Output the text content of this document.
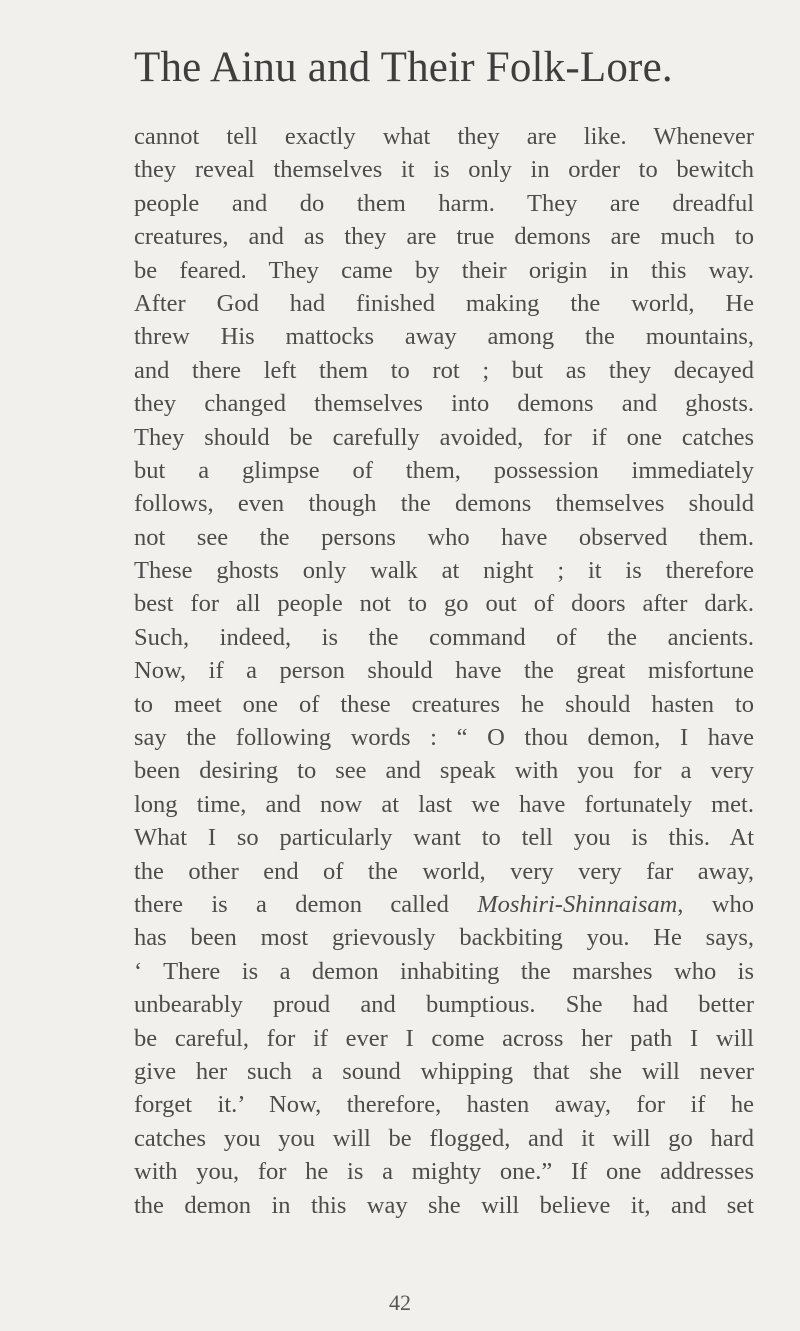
The Ainu and Their Folk-Lore.
cannot tell exactly what they are like. Whenever
they reveal themselves it is only in order to bewitch
people and do them harm. They are dreadful
creatures, and as they are true demons are much to
be feared. They came by their origin in this way.
After God had finished making the world, He
threw His mattocks away among the mountains,
and there left them to rot ; but as they decayed
they changed themselves into demons and ghosts.
They should be carefully avoided, for if one catches
but a glimpse of them, possession immediately
follows, even though the demons themselves should
not see the persons who have observed them.
These ghosts only walk at night ; it is therefore
best for all people not to go out of doors after dark.
Such, indeed, is the command of the ancients.
Now, if a person should have the great misfortune
to meet one of these creatures he should hasten to
say the following words : “ O thou demon, I have
been desiring to see and speak with you for a very
long time, and now at last we have fortunately met.
What I so particularly want to tell you is this. At
the other end of the world, very very far away,
there is a demon called Moshiri-Shinnaisam, who
has been most grievously backbiting you. He says,
‘ There is a demon inhabiting the marshes who is
unbearably proud and bumptious. She had better
be careful, for if ever I come across her path I will
give her such a sound whipping that she will never
forget it.’ Now, therefore, hasten away, for if he
catches you you will be flogged, and it will go hard
with you, for he is a mighty one.” If one addresses
the demon in this way she will believe it, and set
42
